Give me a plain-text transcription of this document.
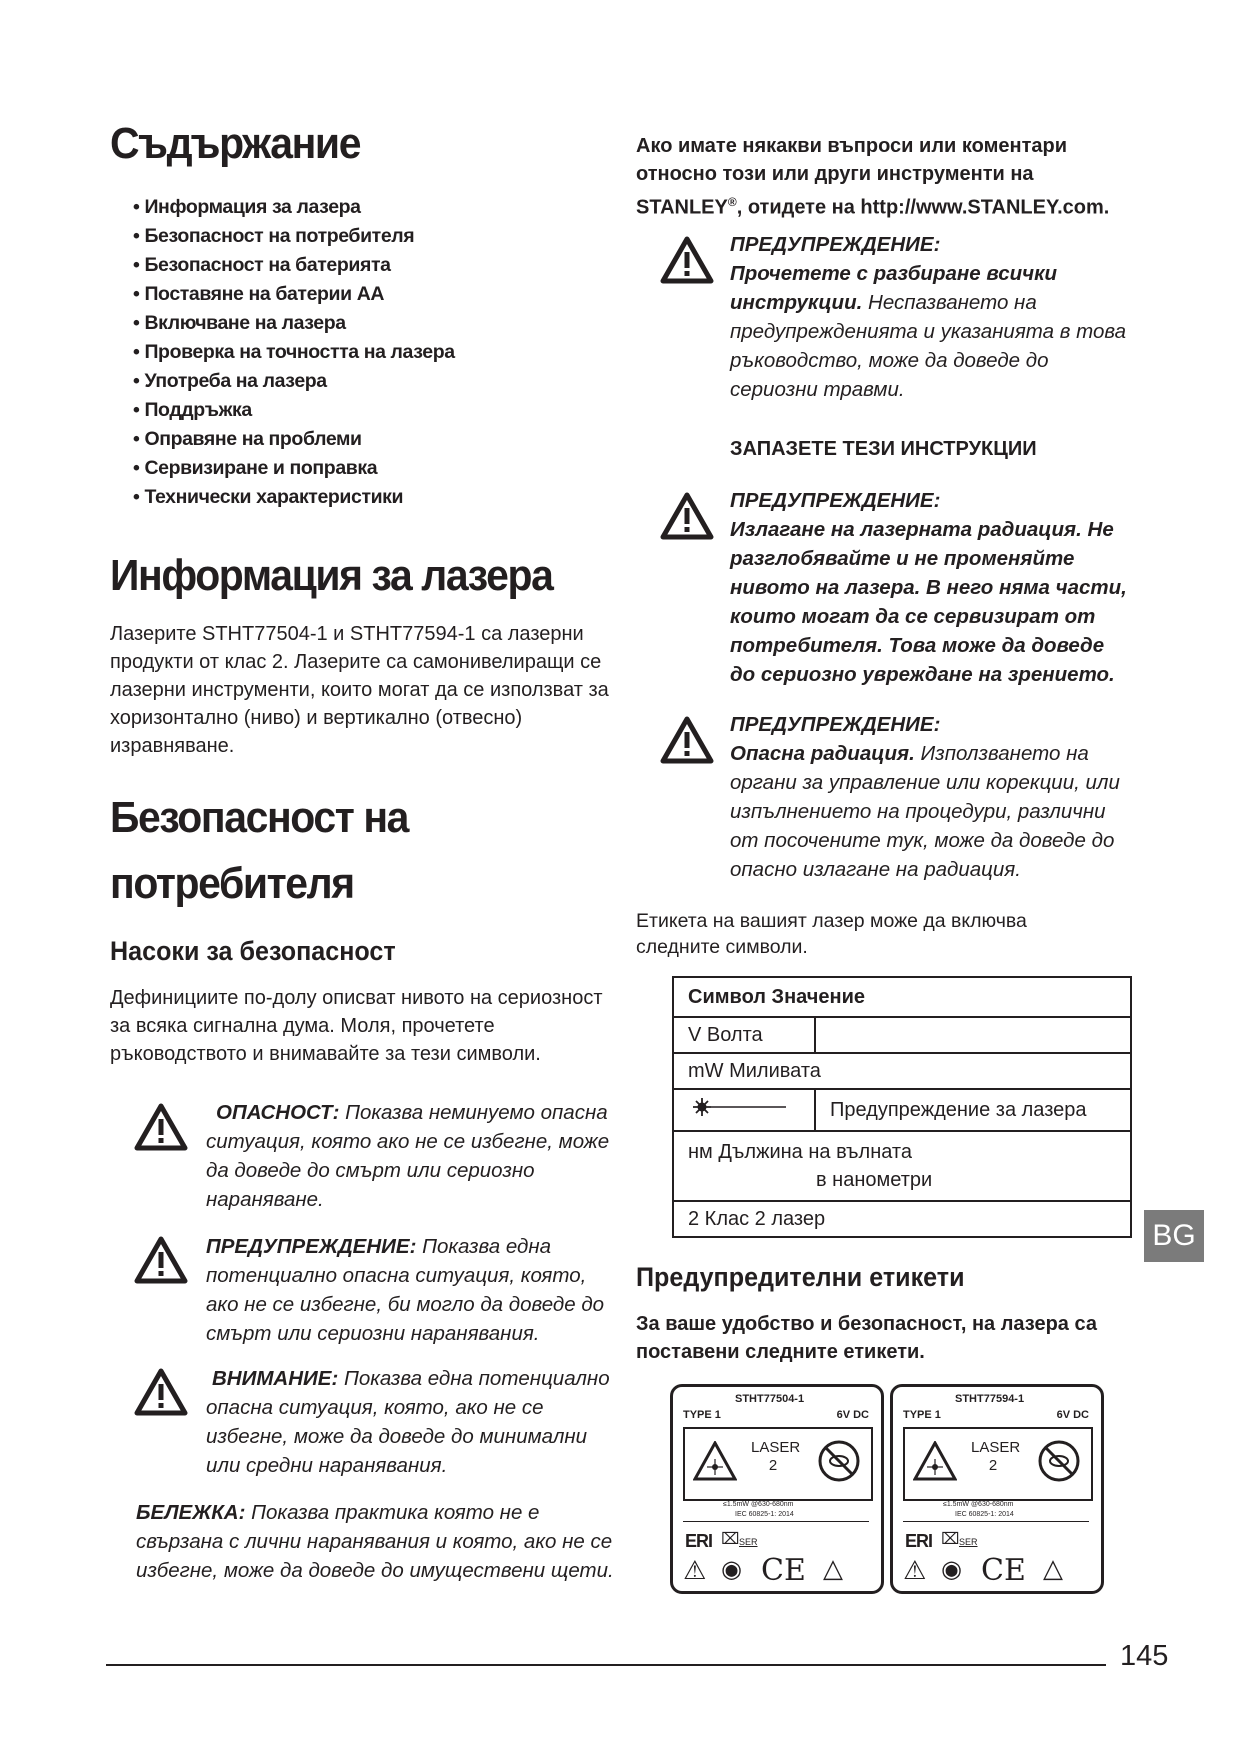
Съдържание
• Информация за лазера
• Безопасност на потребителя
• Безопасност на батерията
• Поставяне на батерии АА
• Включване на лазера
• Проверка на точността на лазера
• Употреба на лазера
• Поддръжка
• Оправяне на проблеми
• Сервизиране и поправка
• Технически характеристики
Информация за лазера

Лазерите STHT77504-1 и STHT77594-1 са лазерни продукти от клас 2. Лазерите са самонивелиращи се лазерни инструменти, които могат да се използват за хоризонтално (ниво) и вертикално (отвесно) изравняване.

Безопасност на
потребителя
Насоки за безопасност

Дефинициите по-долу описват нивото на сериозност за всяка сигнална дума. Моля, прочетете ръководството и внимавайте за тези символи.

ОПАСНОСТ: Показва неминуемо опасна ситуация, която ако не се избегне, може да доведе до смърт или сериозно нараняване.

ПРЕДУПРЕЖДЕНИЕ: Показва една потенциално опасна ситуация, която, ако не се избегне, би могло да доведе до смърт или сериозни наранявания.

ВНИМАНИЕ: Показва една потенциално опасна ситуация, която, ако не се избегне, може да доведе до минимални или средни наранявания.

БЕЛЕЖКА: Показва практика която не е свързана с лични наранявания и която, ако не се избегне, може да доведе до имуществени щети.

Ако имате някакви въпроси или коментари
относно този или други инструменти на
STANLEY®, отидете на http://www.STANLEY.com.
ПРЕДУПРЕЖДЕНИЕ:
Прочетете с разбиране всички инструкции. Неспазването на предупрежденията и указанията в това ръководство, може да доведе до сериозни травми.
ЗАПАЗЕТЕ ТЕЗИ ИНСТРУКЦИИ
ПРЕДУПРЕЖДЕНИЕ:
Излагане на лазерната радиация. Не разглобявайте и не променяйте нивото на лазера. В него няма части, които могат да се сервизират от потребителя. Това може да доведе до сериозно увреждане на зрението.
ПРЕДУПРЕЖДЕНИЕ:
Опасна радиация. Използването на органи за управление или корекции, или изпълнението на процедури, различни от посочените тук, може да доведе до опасно излагане на радиация.

Етикета на вашият лазер може да включва следните символи.

Символ Значение	
V Волта	
mW Миливата	
	Предупреждение за лазера

нм Дължина на вълната
в нанометри	

2 Клас 2 лазер	
BG
Предупредителни етикети

За ваше удобство и безопасност, на лазера са поставени следните етикети.

STHT77504-1
TYPE 1	6V DC
LASER
2
≤1.5mW @630-680nm
IEC 60825-1: 2014
ERI ⌧ SER
⚠ ◉ CE △
STHT77594-1
TYPE 1	6V DC
LASER
2
≤1.5mW @630-680nm
IEC 60825-1: 2014
ERI ⌧ SER
⚠ ◉ CE △
145
